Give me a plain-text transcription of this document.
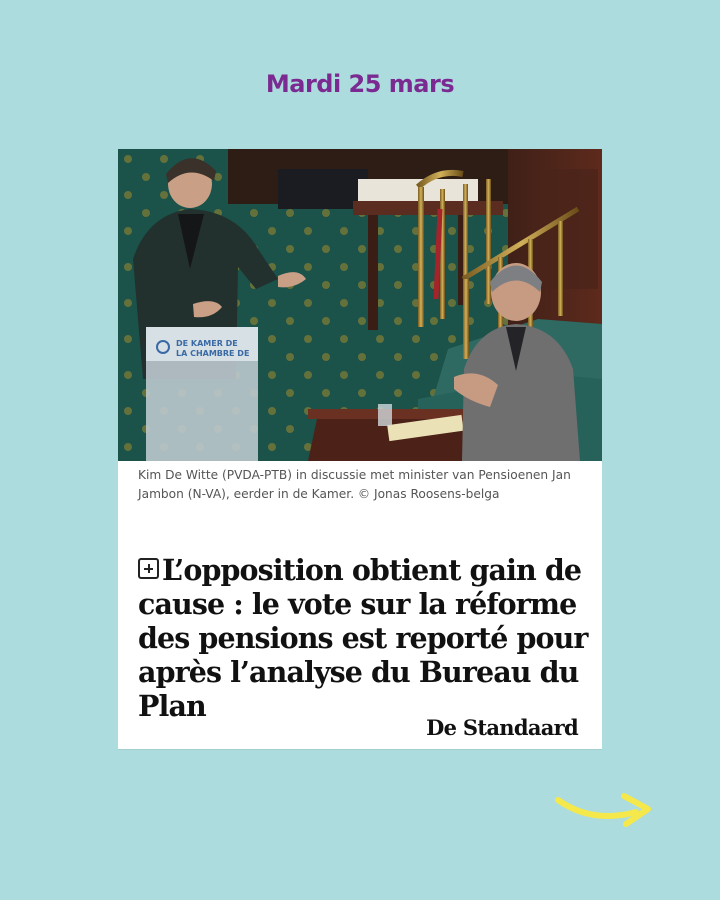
Mardi 25 mars
DE KAMER DE
LA CHAMBRE DE
Kim De Witte (PVDA-PTB) in discussie met minister van Pensioenen Jan Jambon (N-VA), eerder in de Kamer. © Jonas Roosens-belga
L’opposition obtient gain de cause : le vote sur la réforme des pensions est reporté pour après l’analyse du Bureau du Plan
De Standaard
